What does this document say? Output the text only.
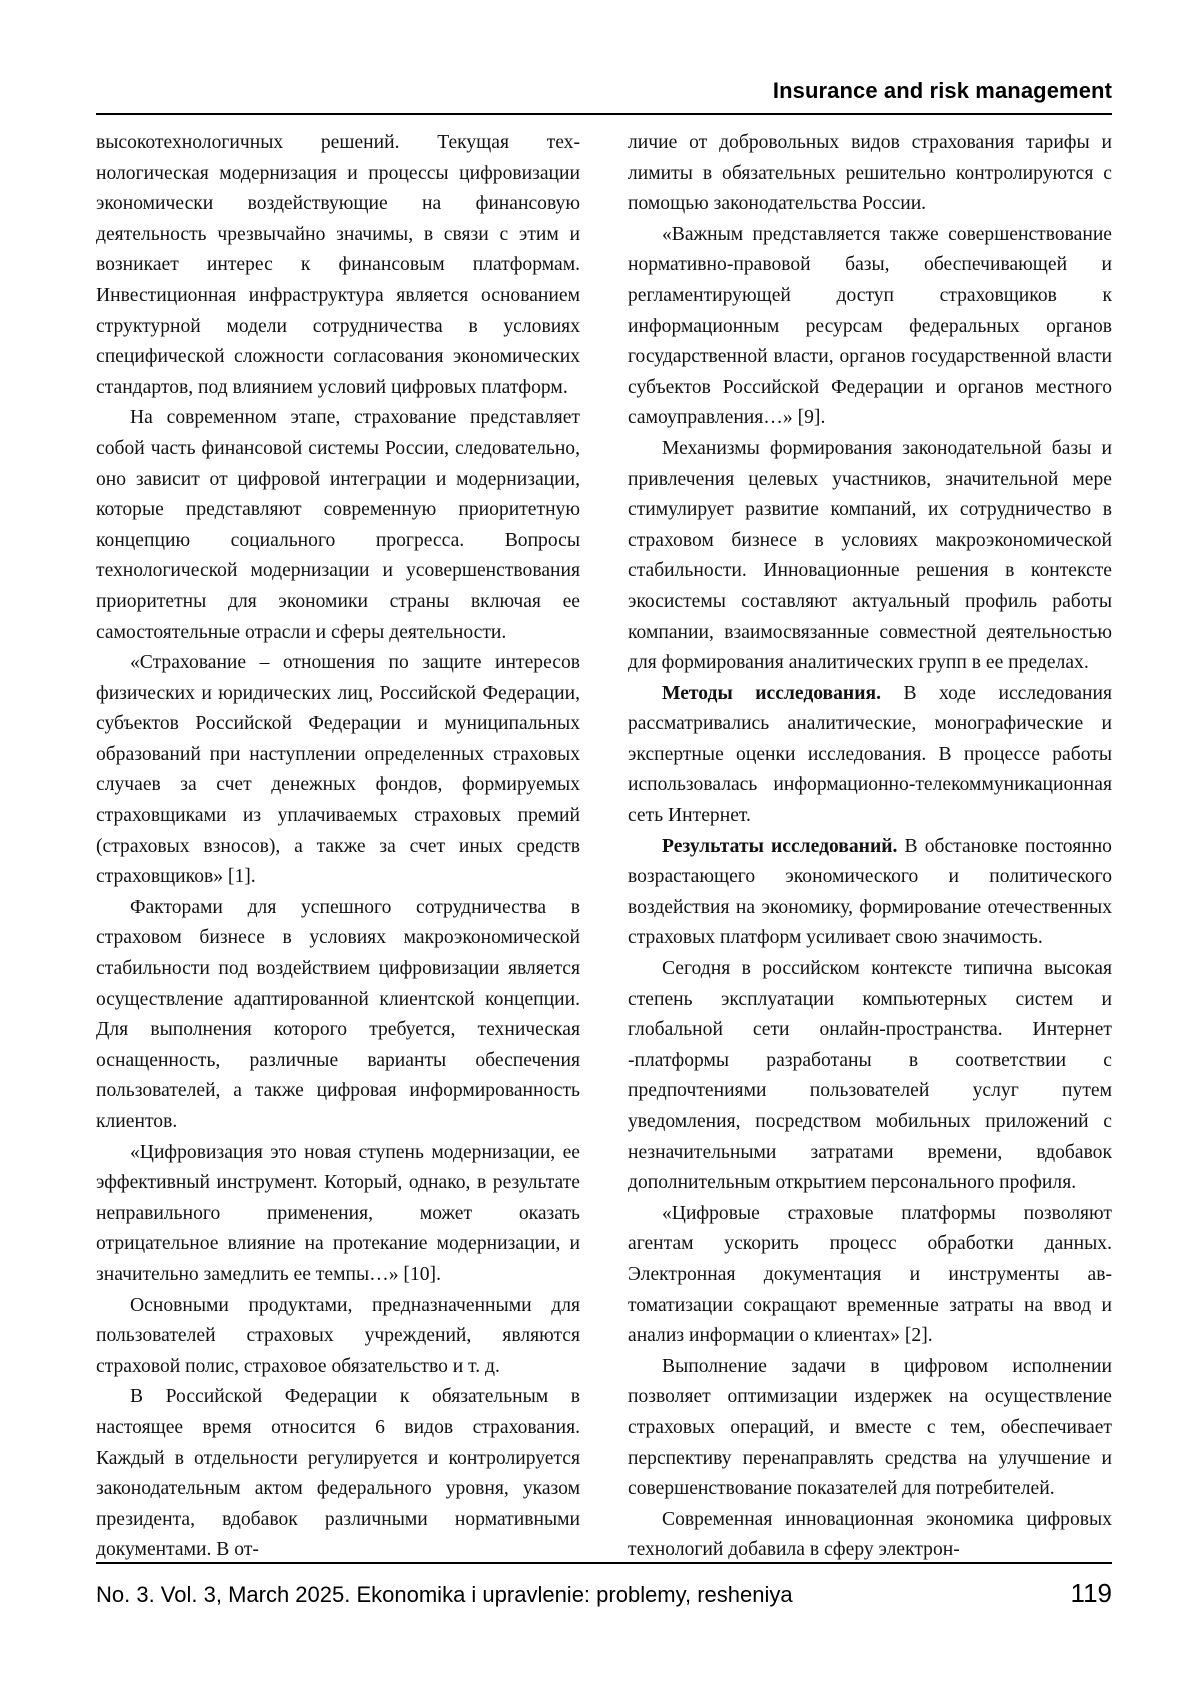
Insurance and risk management

высокотехнологичных решений. Текущая технологическая модернизация и процессы цифровизации экономически воздействующие на финансовую деятельность чрезвычайно значимы, в связи с этим и возникает интерес к финансовым платформам. Инвестиционная инфраструктура является основанием структурной модели сотрудничества в условиях специфической сложности согласования экономических стандартов, под влиянием условий цифровых платформ.

На современном этапе, страхование представляет собой часть финансовой системы России, следовательно, оно зависит от цифровой интеграции и модернизации, которые представляют современную приоритетную концепцию социального прогресса. Вопросы технологической модернизации и усовершенствования приоритетны для экономики страны включая ее самостоятельные отрасли и сферы деятельности.

«Страхование – отношения по защите интересов физических и юридических лиц, Российской Федерации, субъектов Российской Федерации и муниципальных образований при наступлении определенных страховых случаев за счет денежных фондов, формируемых страховщиками из уплачиваемых страховых премий (страховых взносов), а также за счет иных средств страховщиков» [1].

Факторами для успешного сотрудничества в страховом бизнесе в условиях макроэкономической стабильности под воздействием цифровизации является осуществление адаптированной клиентской концепции. Для выполнения которого требуется, техническая оснащенность, различные варианты обеспечения пользователей, а также цифровая информированность клиентов.

«Цифровизация это новая ступень модернизации, ее эффективный инструмент. Который, однако, в результате неправильного применения, может оказать отрицательное влияние на протекание модернизации, и значительно замедлить ее темпы…» [10].

Основными продуктами, предназначенными для пользователей страховых учреждений, являются страховой полис, страховое обязательство и т. д.

В Российской Федерации к обязательным в настоящее время относится 6 видов страхования. Каждый в отдельности регулируется и контролируется законодательным актом федерального уровня, указом президента, вдобавок различными нормативными документами. В от-

личие от добровольных видов страхования тарифы и лимиты в обязательных решительно контролируются с помощью законодательства России.

«Важным представляется также совершенствование нормативно-правовой базы, обеспечивающей и регламентирующей доступ страховщиков к информационным ресурсам федеральных органов государственной власти, органов государственной власти субъектов Российской Федерации и органов местного самоуправления…» [9].

Механизмы формирования законодательной базы и привлечения целевых участников, значительной мере стимулирует развитие компаний, их сотрудничество в страховом бизнесе в условиях макроэкономической стабильности. Инновационные решения в контексте экосистемы составляют актуальный профиль работы компании, взаимосвязанные совместной деятельностью для формирования аналитических групп в ее пределах.

Методы исследования. В ходе исследования рассматривались аналитические, монографические и экспертные оценки исследования. В процессе работы использовалась информационно-телекоммуникационная сеть Интернет.

Результаты исследований. В обстановке постоянно возрастающего экономического и политического воздействия на экономику, формирование отечественных страховых платформ усиливает свою значимость.

Сегодня в российском контексте типична высокая степень эксплуатации компьютерных систем и глобальной сети онлайн-пространства. Интернет -платформы разработаны в соответствии с предпочтениями пользователей услуг путем уведомления, посредством мобильных приложений с незначительными затратами времени, вдобавок дополнительным открытием персонального профиля.

«Цифровые страховые платформы позволяют агентам ускорить процесс обработки данных. Электронная документация и инструменты автоматизации сокращают временные затраты на ввод и анализ информации о клиентах» [2].

Выполнение задачи в цифровом исполнении позволяет оптимизации издержек на осуществление страховых операций, и вместе с тем, обеспечивает перспективу перенаправлять средства на улучшение и совершенствование показателей для потребителей.

Современная инновационная экономика цифровых технологий добавила в сферу электрон-

No. 3. Vol. 3, March 2025. Ekonomika i upravlenie: problemy, resheniya	119
